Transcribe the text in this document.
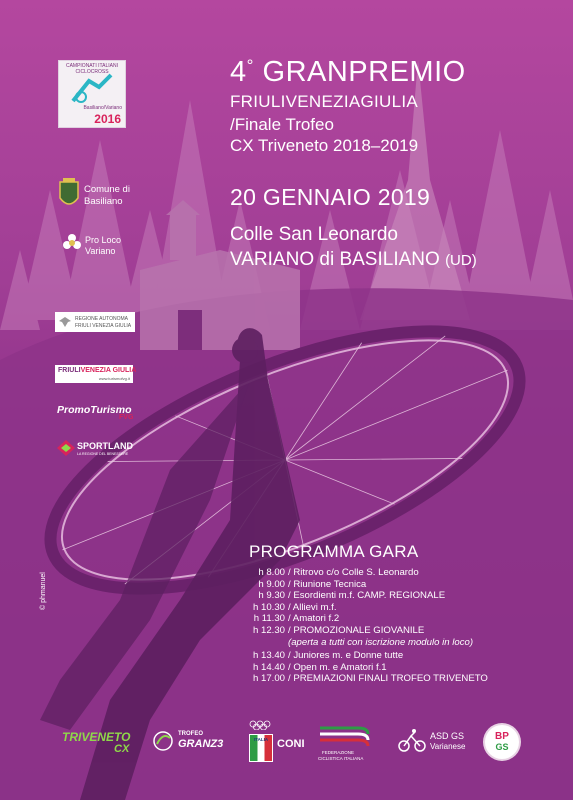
CAMPIONATI ITALIANI CICLOCROSS
Basiliano/Variano
2016
4° GRANPREMIO
FRIULIVENEZIAGIULIA
/Finale Trofeo
CX Triveneto 2018–2019
20 GENNAIO 2019
Colle San Leonardo
VARIANO di BASILIANO (UD)
Comune di
Basiliano
Pro Loco
Variano
REGIONE AUTONOMA
FRIULI VENEZIA GIULIA
FRIULIVENEZIA GIULIA
www.turismofvg.it
PromoTurismo
FVG
SPORTLAND
LA REGIONE DEL BENESSERE
© phmanuel
PROGRAMMA GARA
h 8.00 / Ritrovo c/o Colle S. Leonardo
h 9.00 / Riunione Tecnica
h 9.30 / Esordienti m.f. CAMP. REGIONALE
h 10.30 / Allievi m.f.
h 11.30 / Amatori f.2
h 12.30 / PROMOZIONALE GIOVANILE
(aperta a tutti con iscrizione modulo in loco)
h 13.40 / Juniores m. e Donne tutte
h 14.40 / Open m. e Amatori f.1
h 17.00 / PREMIAZIONI FINALI TROFEO TRIVENETO
TRIVENETO
CX
TROFEO
GRANZ3	ITALIA CONI
FEDERAZIONE
CICLISTICA ITALIANA
ASD GS
Varianese
BP
GS
